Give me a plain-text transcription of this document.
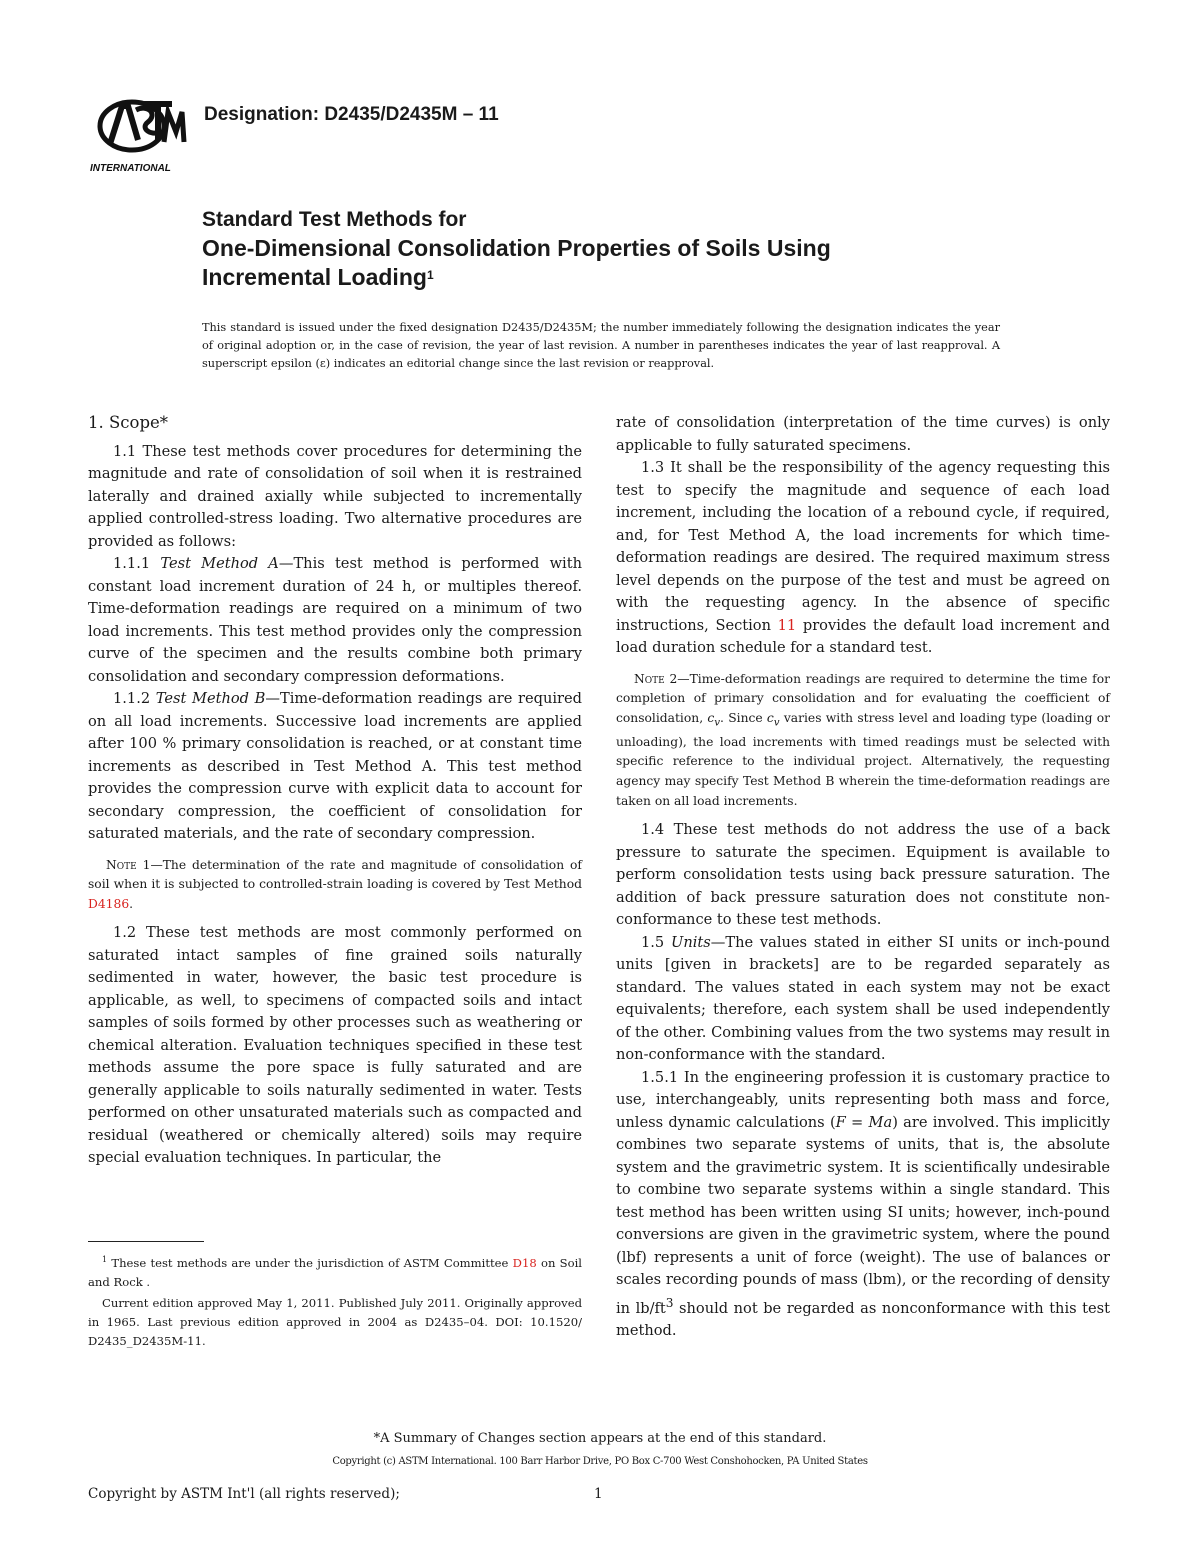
INTERNATIONAL
Designation: D2435/D2435M – 11
Standard Test Methods for
One-Dimensional Consolidation Properties of Soils Using
Incremental Loading$^1$
This standard is issued under the fixed designation D2435/D2435M; the number immediately following the designation indicates the year of original adoption or, in the case of revision, the year of last revision. A number in parentheses indicates the year of last reapproval. A superscript epsilon (ε) indicates an editorial change since the last revision or reapproval.

1. Scope*

1.1 These test methods cover procedures for determining the magnitude and rate of consolidation of soil when it is restrained laterally and drained axially while subjected to incrementally applied controlled-stress loading. Two alternative procedures are provided as follows:

1.1.1 Test Method A—This test method is performed with constant load increment duration of 24 h, or multiples thereof. Time-deformation readings are required on a minimum of two load increments. This test method provides only the compression curve of the specimen and the results combine both primary consolidation and secondary compression deformations.

1.1.2 Test Method B—Time-deformation readings are required on all load increments. Successive load increments are applied after 100 % primary consolidation is reached, or at constant time increments as described in Test Method A. This test method provides the compression curve with explicit data to account for secondary compression, the coefficient of consolidation for saturated materials, and the rate of secondary compression.

Note 1—The determination of the rate and magnitude of consolidation of soil when it is subjected to controlled-strain loading is covered by Test Method D4186.

1.2 These test methods are most commonly performed on saturated intact samples of fine grained soils naturally sedimented in water, however, the basic test procedure is applicable, as well, to specimens of compacted soils and intact samples of soils formed by other processes such as weathering or chemical alteration. Evaluation techniques specified in these test methods assume the pore space is fully saturated and are generally applicable to soils naturally sedimented in water. Tests performed on other unsaturated materials such as compacted and residual (weathered or chemically altered) soils may require special evaluation techniques. In particular, the

rate of consolidation (interpretation of the time curves) is only applicable to fully saturated specimens.

1.3 It shall be the responsibility of the agency requesting this test to specify the magnitude and sequence of each load increment, including the location of a rebound cycle, if required, and, for Test Method A, the load increments for which time-deformation readings are desired. The required maximum stress level depends on the purpose of the test and must be agreed on with the requesting agency. In the absence of specific instructions, Section 11 provides the default load increment and load duration schedule for a standard test.

Note 2—Time-deformation readings are required to determine the time for completion of primary consolidation and for evaluating the coefficient of consolidation, $c_v$. Since $c_v$ varies with stress level and loading type (loading or unloading), the load increments with timed readings must be selected with specific reference to the individual project. Alternatively, the requesting agency may specify Test Method B wherein the time-deformation readings are taken on all load increments.

1.4 These test methods do not address the use of a back pressure to saturate the specimen. Equipment is available to perform consolidation tests using back pressure saturation. The addition of back pressure saturation does not constitute non-conformance to these test methods.

1.5 Units—The values stated in either SI units or inch-pound units [given in brackets] are to be regarded separately as standard. The values stated in each system may not be exact equivalents; therefore, each system shall be used independently of the other. Combining values from the two systems may result in non-conformance with the standard.

1.5.1 In the engineering profession it is customary practice to use, interchangeably, units representing both mass and force, unless dynamic calculations (F = Ma) are involved. This implicitly combines two separate systems of units, that is, the absolute system and the gravimetric system. It is scientifically undesirable to combine two separate systems within a single standard. This test method has been written using SI units; however, inch-pound conversions are given in the gravimetric system, where the pound (lbf) represents a unit of force (weight). The use of balances or scales recording pounds of mass (lbm), or the recording of density in $lb/ft^3$ should not be regarded as nonconformance with this test method.

$^1$ These test methods are under the jurisdiction of ASTM Committee D18 on Soil and Rock .

Current edition approved May 1, 2011. Published July 2011. Originally approved in 1965. Last previous edition approved in 2004 as D2435–04. DOI: 10.1520/ D2435_D2435M-11.

*A Summary of Changes section appears at the end of this standard.
Copyright (c) ASTM International. 100 Barr Harbor Drive, PO Box C-700 West Conshohocken, PA United States
Copyright by ASTM Int'l (all rights reserved);	1
